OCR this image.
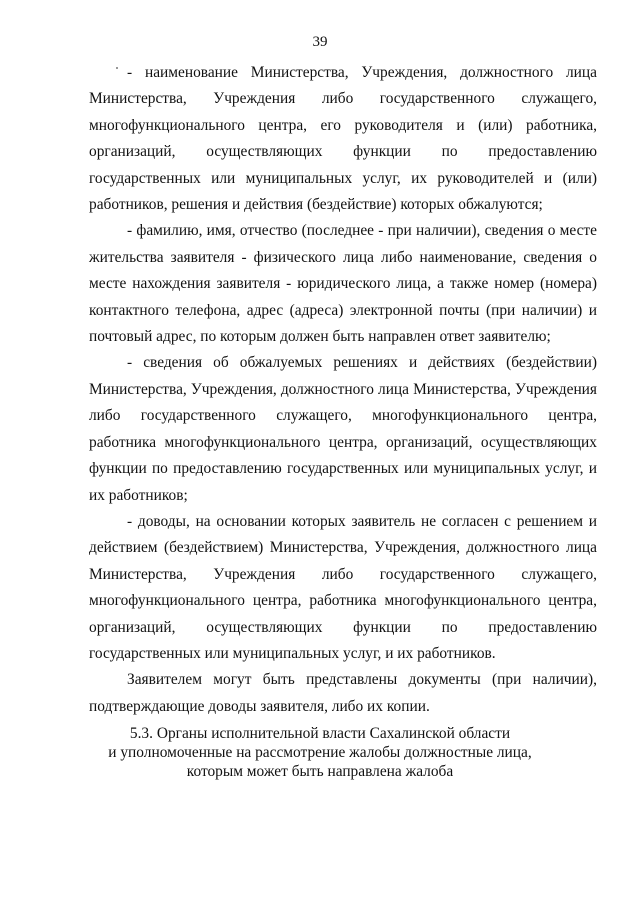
39

- наименование Министерства, Учреждения, должностного лица Министерства, Учреждения либо государственного служащего, многофункционального центра, его руководителя и (или) работника, организаций, осуществляющих функции по предоставлению государственных или муниципальных услуг, их руководителей и (или) работников, решения и действия (бездействие) которых обжалуются;

- фамилию, имя, отчество (последнее - при наличии), сведения о месте жительства заявителя - физического лица либо наименование, сведения о месте нахождения заявителя - юридического лица, а также номер (номера) контактного телефона, адрес (адреса) электронной почты (при наличии) и почтовый адрес, по которым должен быть направлен ответ заявителю;

- сведения об обжалуемых решениях и действиях (бездействии) Министерства, Учреждения, должностного лица Министерства, Учреждения либо государственного служащего, многофункционального центра, работника многофункционального центра, организаций, осуществляющих функции по предоставлению государственных или муниципальных услуг, и их работников;

- доводы, на основании которых заявитель не согласен с решением и действием (бездействием) Министерства, Учреждения, должностного лица Министерства, Учреждения либо государственного служащего, многофункционального центра, работника многофункционального центра, организаций, осуществляющих функции по предоставлению государственных или муниципальных услуг, и их работников.

Заявителем могут быть представлены документы (при наличии), подтверждающие доводы заявителя, либо их копии.

5.3. Органы исполнительной власти Сахалинской области
и уполномоченные на рассмотрение жалобы должностные лица,
которым может быть направлена жалоба
